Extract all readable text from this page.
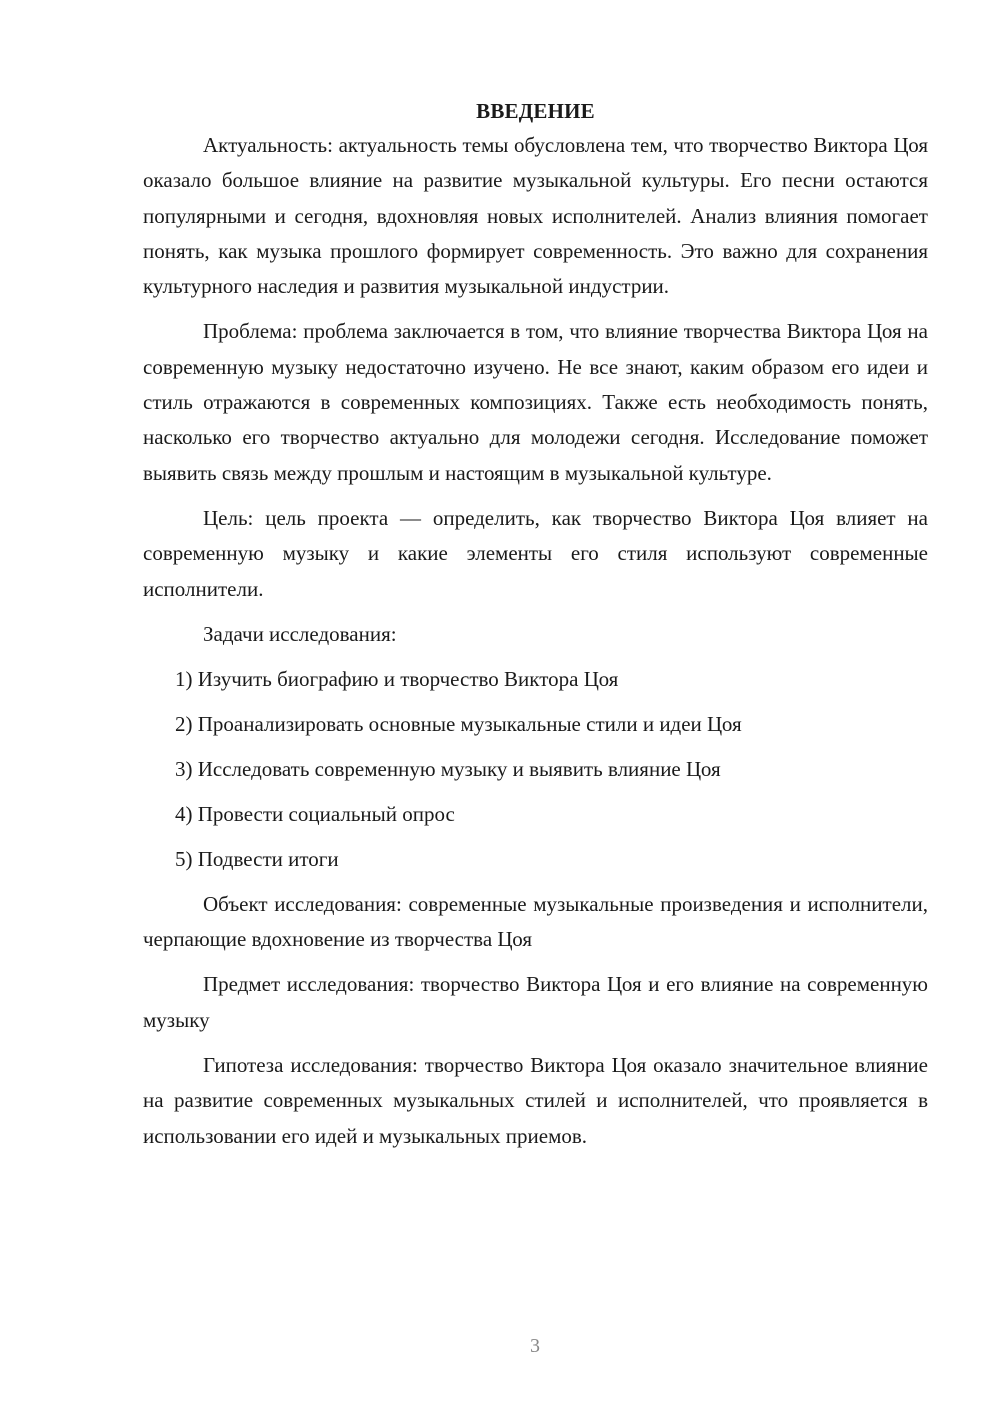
ВВЕДЕНИЕ

Актуальность: актуальность темы обусловлена тем, что творчество Виктора Цоя оказало большое влияние на развитие музыкальной культуры. Его песни остаются популярными и сегодня, вдохновляя новых исполнителей. Анализ влияния помогает понять, как музыка прошлого формирует современность. Это важно для сохранения культурного наследия и развития музыкальной индустрии.

Проблема: проблема заключается в том, что влияние творчества Виктора Цоя на современную музыку недостаточно изучено. Не все знают, каким образом его идеи и стиль отражаются в современных композициях. Также есть необходимость понять, насколько его творчество актуально для молодежи сегодня. Исследование поможет выявить связь между прошлым и настоящим в музыкальной культуре.

Цель: цель проекта — определить, как творчество Виктора Цоя влияет на современную музыку и какие элементы его стиля используют современные исполнители.

Задачи исследования:

1) Изучить биографию и творчество Виктора Цоя

2) Проанализировать основные музыкальные стили и идеи Цоя

3) Исследовать современную музыку и выявить влияние Цоя

4) Провести социальный опрос

5) Подвести итоги

Объект исследования: современные музыкальные произведения и исполнители, черпающие вдохновение из творчества Цоя

Предмет исследования: творчество Виктора Цоя и его влияние на современную музыку

Гипотеза исследования: творчество Виктора Цоя оказало значительное влияние на развитие современных музыкальных стилей и исполнителей, что проявляется в использовании его идей и музыкальных приемов.

3
